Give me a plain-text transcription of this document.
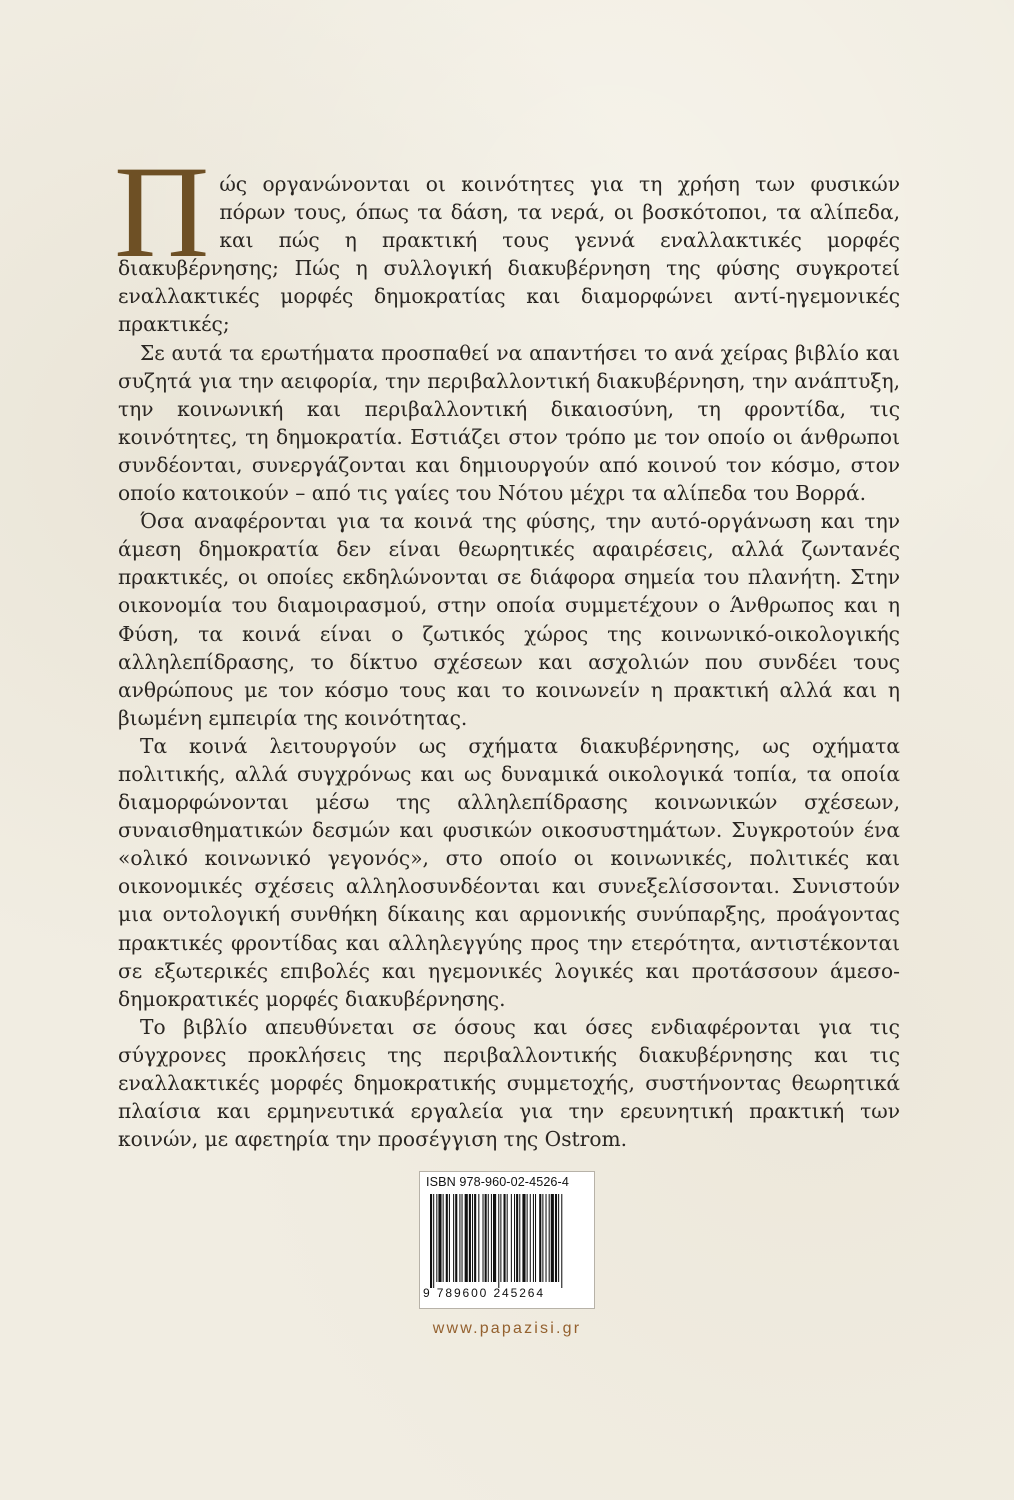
Πώς οργανώνονται οι κοινότητες για τη χρήση των φυσικών πόρων τους, όπως τα δάση, τα νερά, οι βοσκότοποι, τα αλίπεδα, και πώς η πρακτική τους γεννά εναλλακτικές μορφές διακυβέρνησης; Πώς η συλλογική διακυβέρνηση της φύσης συγκροτεί εναλλακτικές μορφές δημοκρατίας και διαμορφώνει αντί-ηγεμονικές πρακτικές;

Σε αυτά τα ερωτήματα προσπαθεί να απαντήσει το ανά χείρας βιβλίο και συζητά για την αειφορία, την περιβαλλοντική διακυβέρνηση, την ανάπτυξη, την κοινωνική και περιβαλλοντική δικαιοσύνη, τη φροντίδα, τις κοινότητες, τη δημοκρατία. Εστιάζει στον τρόπο με τον οποίο οι άνθρωποι συνδέονται, συνεργάζονται και δημιουργούν από κοινού τον κόσμο, στον οποίο κατοικούν – από τις γαίες του Νότου μέχρι τα αλίπεδα του Βορρά.

Όσα αναφέρονται για τα κοινά της φύσης, την αυτό-οργάνωση και την άμεση δημοκρατία δεν είναι θεωρητικές αφαιρέσεις, αλλά ζωντανές πρακτικές, οι οποίες εκδηλώνονται σε διάφορα σημεία του πλανήτη. Στην οικονομία του διαμοιρασμού, στην οποία συμμετέχουν ο Άνθρωπος και η Φύση, τα κοινά είναι ο ζωτικός χώρος της κοινωνικό-οικολογικής αλληλεπίδρασης, το δίκτυο σχέσεων και ασχολιών που συνδέει τους ανθρώπους με τον κόσμο τους και το κοινωνείν η πρακτική αλλά και η βιωμένη εμπειρία της κοινότητας.

Τα κοινά λειτουργούν ως σχήματα διακυβέρνησης, ως οχήματα πολιτικής, αλλά συγχρόνως και ως δυναμικά οικολογικά τοπία, τα οποία διαμορφώνονται μέσω της αλληλεπίδρασης κοινωνικών σχέσεων, συναισθηματικών δεσμών και φυσικών οικοσυστημάτων. Συγκροτούν ένα «ολικό κοινωνικό γεγονός», στο οποίο οι κοινωνικές, πολιτικές και οικονομικές σχέσεις αλληλοσυνδέονται και συνεξελίσσονται. Συνιστούν μια οντολογική συνθήκη δίκαιης και αρμονικής συνύπαρξης, προάγοντας πρακτικές φροντίδας και αλληλεγγύης προς την ετερότητα, αντιστέκονται σε εξωτερικές επιβολές και ηγεμονικές λογικές και προτάσσουν άμεσο-δημοκρατικές μορφές διακυβέρνησης.

Το βιβλίο απευθύνεται σε όσους και όσες ενδιαφέρονται για τις σύγχρονες προκλήσεις της περιβαλλοντικής διακυβέρνησης και τις εναλλακτικές μορφές δημοκρατικής συμμετοχής, συστήνοντας θεωρητικά πλαίσια και ερμηνευτικά εργαλεία για την ερευνητική πρακτική των κοινών, με αφετηρία την προσέγγιση της Ostrom.

ISBN 978-960-02-4526-4
9 789600 245264
www.papazisi.gr
